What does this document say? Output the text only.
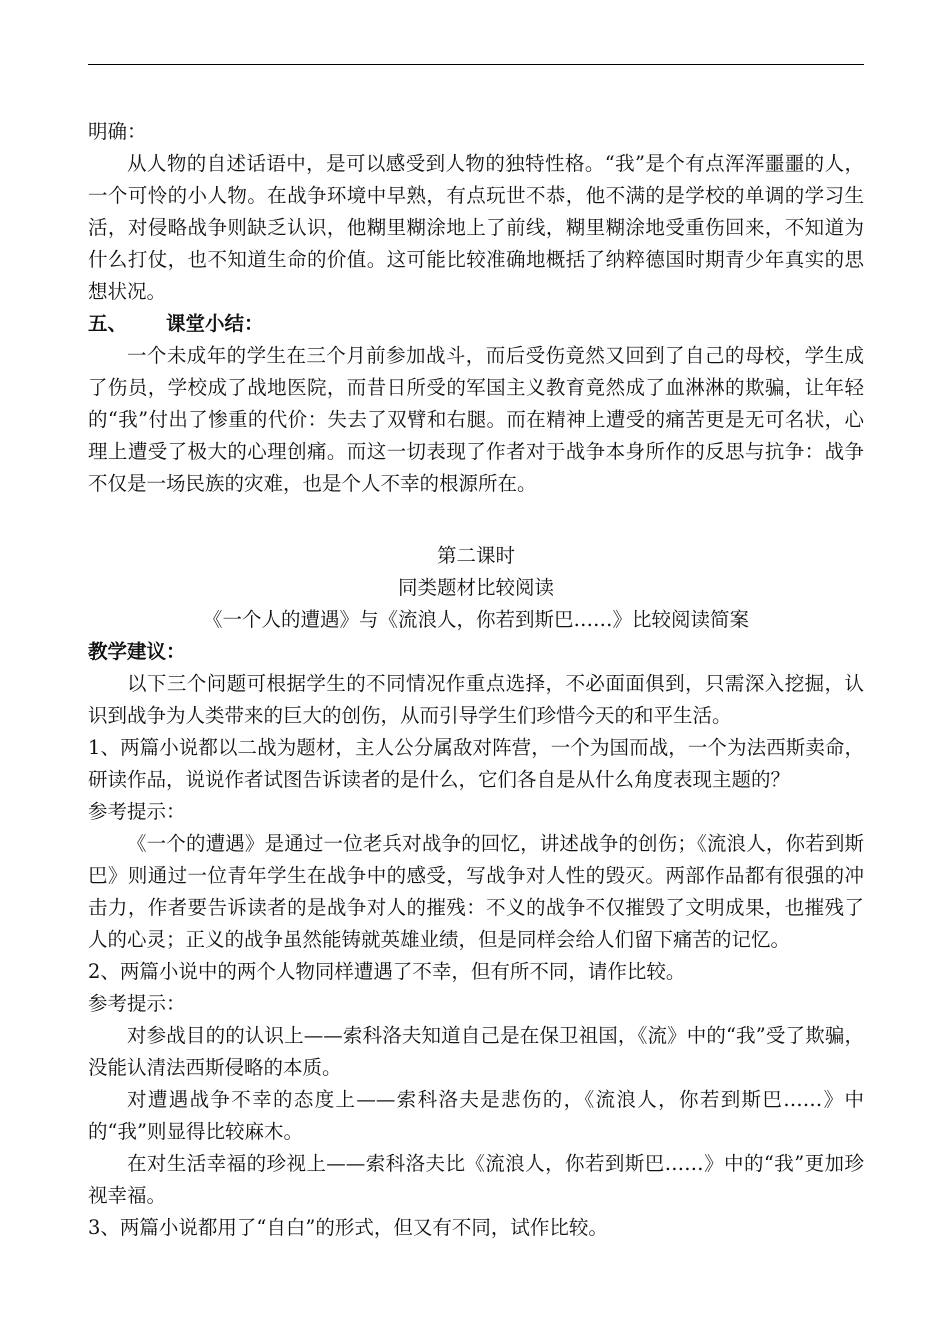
明确：

从人物的自述话语中，是可以感受到人物的独特性格。“我”是个有点浑浑噩噩的人，一个可怜的小人物。在战争环境中早熟，有点玩世不恭，他不满的是学校的单调的学习生活，对侵略战争则缺乏认识，他糊里糊涂地上了前线，糊里糊涂地受重伤回来，不知道为什么打仗，也不知道生命的价值。这可能比较准确地概括了纳粹德国时期青少年真实的思想状况。

五、 课堂小结：

一个未成年的学生在三个月前参加战斗，而后受伤竟然又回到了自己的母校，学生成了伤员，学校成了战地医院，而昔日所受的军国主义教育竟然成了血淋淋的欺骗，让年轻的“我”付出了惨重的代价：失去了双臂和右腿。而在精神上遭受的痛苦更是无可名状，心理上遭受了极大的心理创痛。而这一切表现了作者对于战争本身所作的反思与抗争：战争不仅是一场民族的灾难，也是个人不幸的根源所在。

第二课时

同类题材比较阅读

《一个人的遭遇》与《流浪人，你若到斯巴……》比较阅读简案

教学建议：

以下三个问题可根据学生的不同情况作重点选择，不必面面俱到，只需深入挖掘，认识到战争为人类带来的巨大的创伤，从而引导学生们珍惜今天的和平生活。

1、两篇小说都以二战为题材，主人公分属敌对阵营，一个为国而战，一个为法西斯卖命，研读作品，说说作者试图告诉读者的是什么，它们各自是从什么角度表现主题的？

参考提示：

《一个的遭遇》是通过一位老兵对战争的回忆，讲述战争的创伤；《流浪人，你若到斯巴》则通过一位青年学生在战争中的感受，写战争对人性的毁灭。两部作品都有很强的冲击力，作者要告诉读者的是战争对人的摧残：不义的战争不仅摧毁了文明成果，也摧残了人的心灵；正义的战争虽然能铸就英雄业绩，但是同样会给人们留下痛苦的记忆。

2、两篇小说中的两个人物同样遭遇了不幸，但有所不同，请作比较。

参考提示：

对参战目的的认识上——索科洛夫知道自己是在保卫祖国，《流》中的“我”受了欺骗，没能认清法西斯侵略的本质。

对遭遇战争不幸的态度上——索科洛夫是悲伤的，《流浪人，你若到斯巴……》中的“我”则显得比较麻木。

在对生活幸福的珍视上——索科洛夫比《流浪人，你若到斯巴……》中的“我”更加珍视幸福。

3、两篇小说都用了“自白”的形式，但又有不同，试作比较。
